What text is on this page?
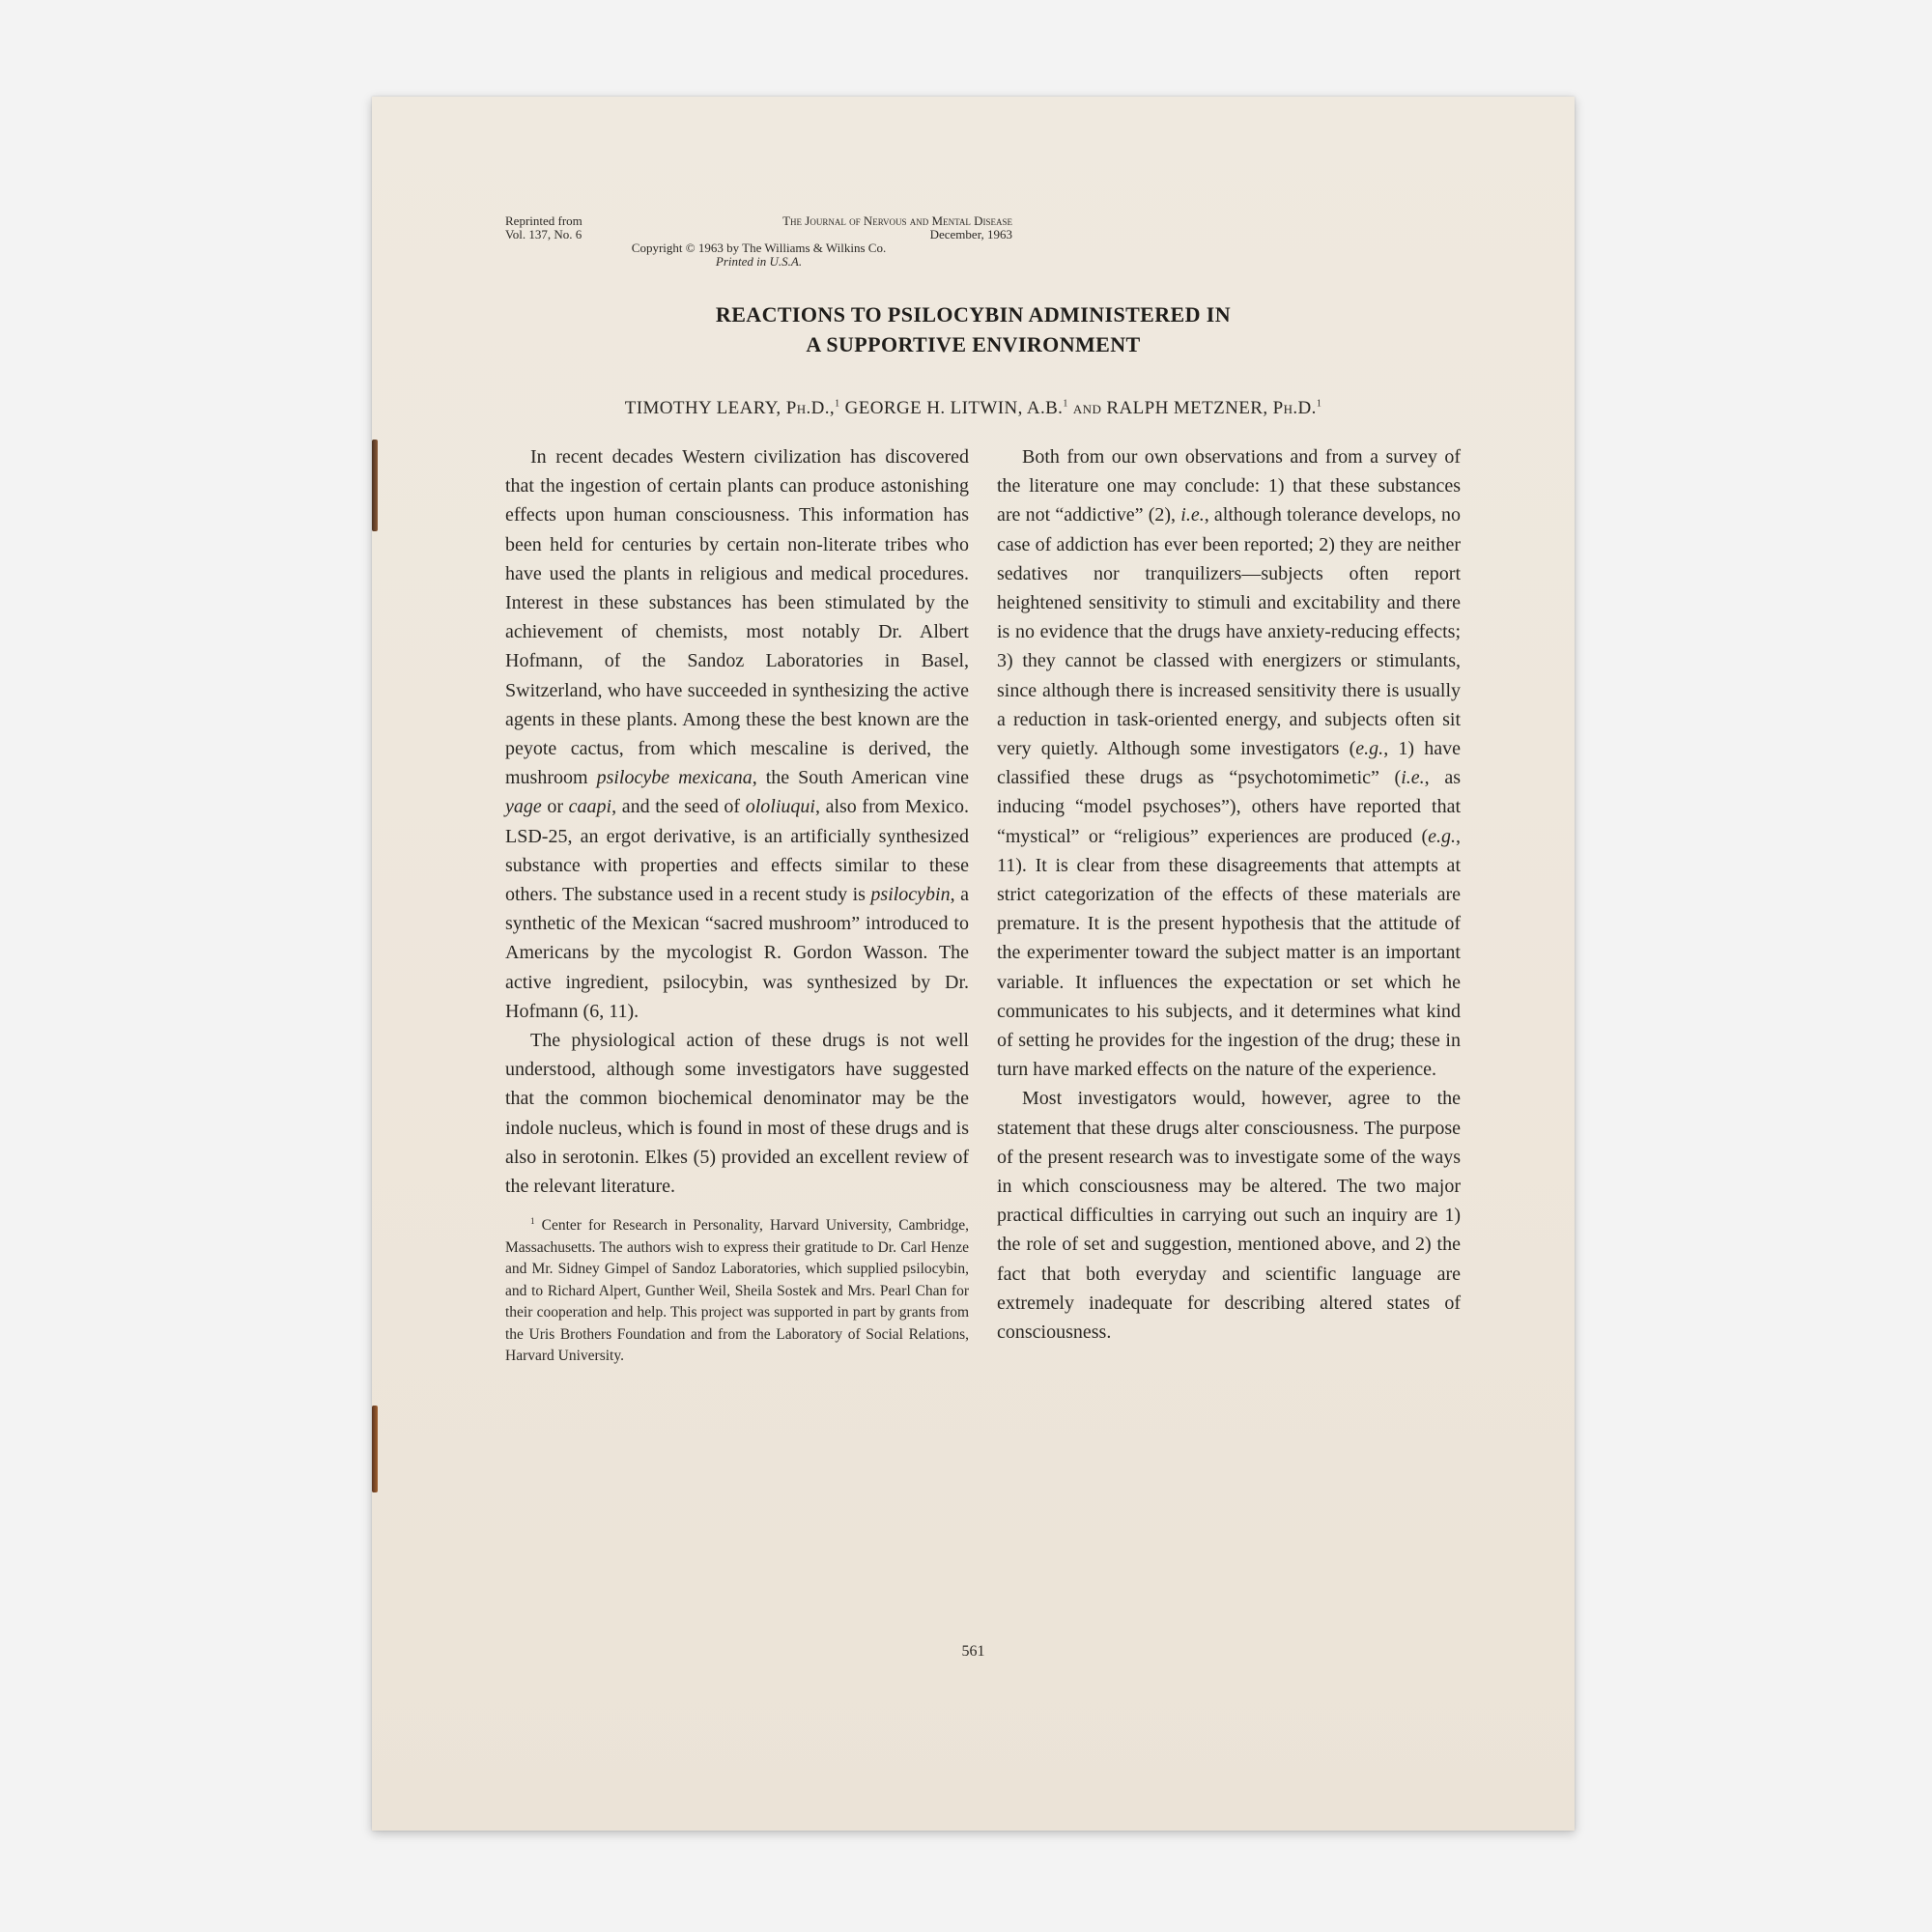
Reprinted from	The Journal of Nervous and Mental Disease
Vol. 137, No. 6	December, 1963
Copyright © 1963 by The Williams & Wilkins Co.
Printed in U.S.A.
REACTIONS TO PSILOCYBIN ADMINISTERED IN
A SUPPORTIVE ENVIRONMENT
TIMOTHY LEARY, Ph.D.,$^1$ GEORGE H. LITWIN, A.B.$^1$ and RALPH METZNER, Ph.D.$^1$

In recent decades Western civilization has discovered that the ingestion of certain plants can produce astonishing effects upon human consciousness. This information has been held for centuries by certain non-literate tribes who have used the plants in religious and medical procedures. Interest in these substances has been stimulated by the achievement of chemists, most notably Dr. Albert Hofmann, of the Sandoz Laboratories in Basel, Switzerland, who have succeeded in synthesizing the active agents in these plants. Among these the best known are the peyote cactus, from which mescaline is derived, the mushroom psilocybe mexicana, the South American vine yage or caapi, and the seed of ololiuqui, also from Mexico. LSD-25, an ergot derivative, is an artificially synthesized substance with properties and effects similar to these others. The substance used in a recent study is psilocybin, a synthetic of the Mexican “sacred mushroom” introduced to Americans by the mycologist R. Gordon Wasson. The active ingredient, psilocybin, was synthesized by Dr. Hofmann (6, 11).

The physiological action of these drugs is not well understood, although some investigators have suggested that the common biochemical denominator may be the indole nucleus, which is found in most of these drugs and is also in serotonin. Elkes (5) provided an excellent review of the relevant literature.

$^1$ Center for Research in Personality, Harvard University, Cambridge, Massachusetts. The authors wish to express their gratitude to Dr. Carl Henze and Mr. Sidney Gimpel of Sandoz Laboratories, which supplied psilocybin, and to Richard Alpert, Gunther Weil, Sheila Sostek and Mrs. Pearl Chan for their cooperation and help. This project was supported in part by grants from the Uris Brothers Foundation and from the Laboratory of Social Relations, Harvard University.

Both from our own observations and from a survey of the literature one may conclude: 1) that these substances are not “addictive” (2), i.e., although tolerance develops, no case of addiction has ever been reported; 2) they are neither sedatives nor tranquilizers—subjects often report heightened sensitivity to stimuli and excitability and there is no evidence that the drugs have anxiety-reducing effects; 3) they cannot be classed with energizers or stimulants, since although there is increased sensitivity there is usually a reduction in task-oriented energy, and subjects often sit very quietly. Although some investigators (e.g., 1) have classified these drugs as “psychotomimetic” (i.e., as inducing “model psychoses”), others have reported that “mystical” or “religious” experiences are produced (e.g., 11). It is clear from these disagreements that attempts at strict categorization of the effects of these materials are premature. It is the present hypothesis that the attitude of the experimenter toward the subject matter is an important variable. It influences the expectation or set which he communicates to his subjects, and it determines what kind of setting he provides for the ingestion of the drug; these in turn have marked effects on the nature of the experience.

Most investigators would, however, agree to the statement that these drugs alter consciousness. The purpose of the present research was to investigate some of the ways in which consciousness may be altered. The two major practical difficulties in carrying out such an inquiry are 1) the role of set and suggestion, mentioned above, and 2) the fact that both everyday and scientific language are extremely inadequate for describing altered states of consciousness.

561
